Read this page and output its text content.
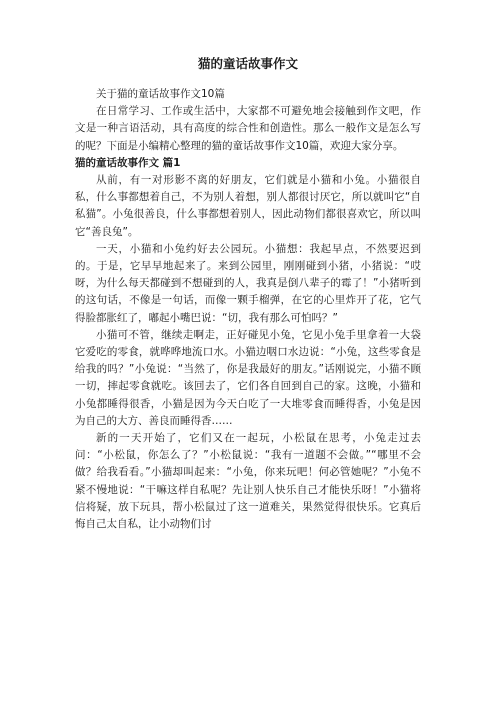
猫的童话故事作文

关于猫的童话故事作文10篇

在日常学习、工作或生活中，大家都不可避免地会接触到作文吧，作文是一种言语活动，具有高度的综合性和创造性。那么一般作文是怎么写的呢？下面是小编精心整理的猫的童话故事作文10篇，欢迎大家分享。

猫的童话故事作文 篇1

从前，有一对形影不离的好朋友，它们就是小猫和小兔。小猫很自私，什么事都想着自己，不为别人着想，别人都很讨厌它，所以就叫它“自私猫”。小兔很善良，什么事都想着别人，因此动物们都很喜欢它，所以叫它“善良兔”。

一天，小猫和小兔约好去公园玩。小猫想：我起早点，不然要迟到的。于是，它早早地起来了。来到公园里，刚刚碰到小猪，小猪说：“哎呀，为什么每天都碰到不想碰到的人，我真是倒八辈子的霉了！”小猪听到的这句话，不像是一句话，而像一颗手榴弹，在它的心里炸开了花，它气得脸都胀红了，嘟起小嘴巴说：“切，我有那么可怕吗？”

小猫可不管，继续走啊走，正好碰见小兔，它见小兔手里拿着一大袋它爱吃的零食，就哗哗地流口水。小猫边咽口水边说：“小兔，这些零食是给我的吗？”小兔说：“当然了，你是我最好的朋友。”话刚说完，小猫不顾一切，摔起零食就吃。该回去了，它们各自回到自己的家。这晚，小猫和小兔都睡得很香，小猫是因为今天白吃了一大堆零食而睡得香，小兔是因为自己的大方、善良而睡得香……

新的一天开始了，它们又在一起玩，小松鼠在思考，小兔走过去问：“小松鼠，你怎么了？”小松鼠说：“我有一道题不会做。”“哪里不会做？给我看看。”小猫却叫起来：“小兔，你来玩吧！何必管她呢？”小兔不紧不慢地说：“干嘛这样自私呢？先让别人快乐自己才能快乐呀！”小猫将信将疑，放下玩具，帮小松鼠过了这一道难关，果然觉得很快乐。它真后悔自己太自私，让小动物们讨
